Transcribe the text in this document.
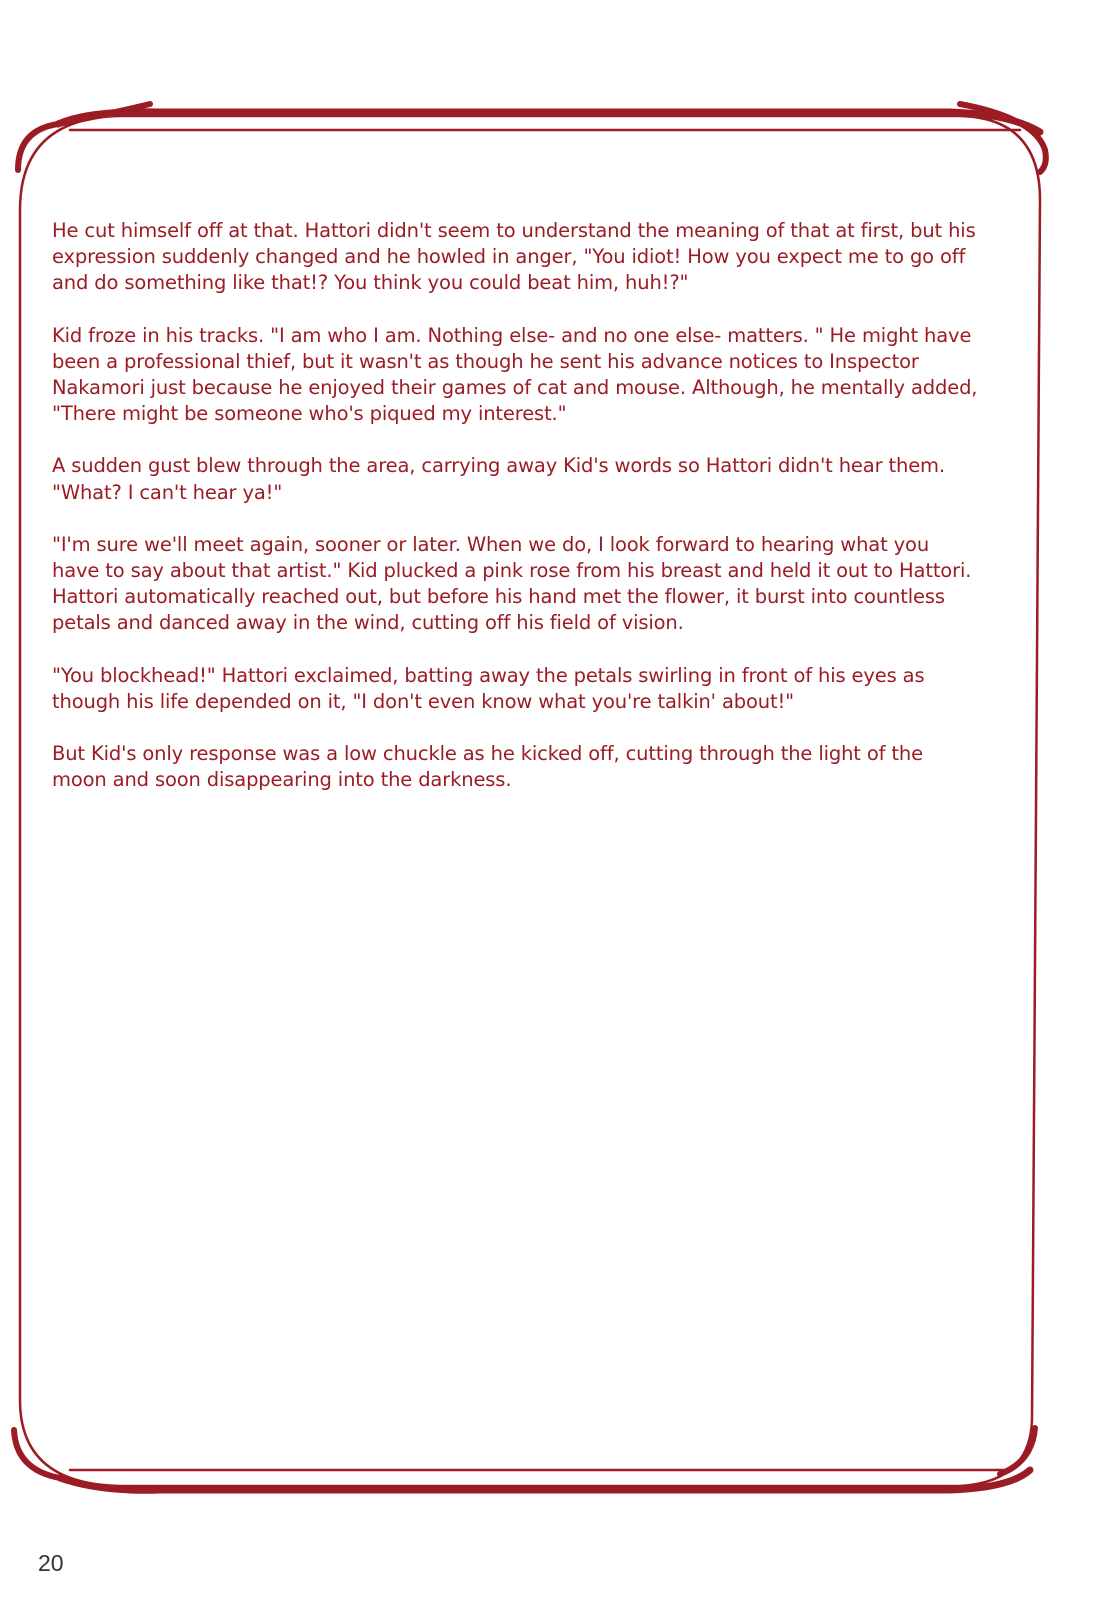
He cut himself off at that. Hattori didn't seem to understand the meaning of that at first, but his expression suddenly changed and he howled in anger, "You idiot! How you expect me to go off and do something like that!? You think you could beat him, huh!?"

Kid froze in his tracks. "I am who I am. Nothing else- and no one else- matters. " He might have been a professional thief, but it wasn't as though he sent his advance notices to Inspector Nakamori just because he enjoyed their games of cat and mouse. Although, he mentally added, "There might be someone who's piqued my interest."

A sudden gust blew through the area, carrying away Kid's words so Hattori didn't hear them. "What? I can't hear ya!"

"I'm sure we'll meet again, sooner or later. When we do, I look forward to hearing what you have to say about that artist." Kid plucked a pink rose from his breast and held it out to Hattori. Hattori automatically reached out, but before his hand met the flower, it burst into countless petals and danced away in the wind, cutting off his field of vision.

"You blockhead!" Hattori exclaimed, batting away the petals swirling in front of his eyes as though his life depended on it, "I don't even know what you're talkin' about!"

But Kid's only response was a low chuckle as he kicked off, cutting through the light of the moon and soon disappearing into the darkness.

20
